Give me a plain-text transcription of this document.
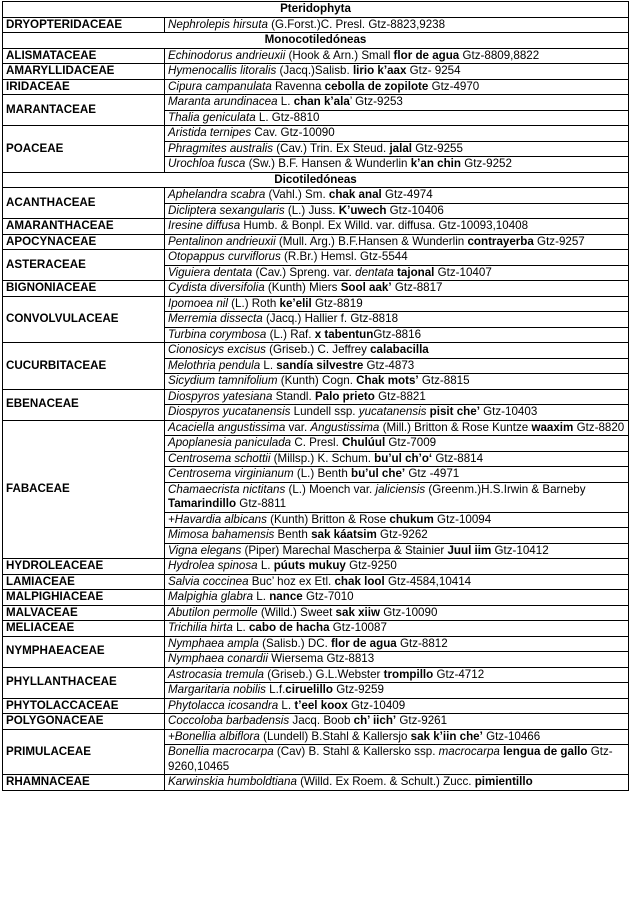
Pteridophyta	
DRYOPTERIDACEAE	Nephrolepis hirsuta (G.Forst.)C. Presl. Gtz-8823,9238
Monocotiledóneas	
ALISMATACEAE	Echinodorus andrieuxii (Hook & Arn.) Small flor de agua Gtz-8809,8822
AMARYLLIDACEAE	Hymenocallis litoralis (Jacq.)Salisb. lirio k’aax Gtz- 9254
IRIDACEAE	Cipura campanulata Ravenna cebolla de zopilote Gtz-4970
MARANTACEAE	Maranta arundinacea L. chan k’ala’ Gtz-9253
	Thalia geniculata L. Gtz-8810
POACEAE	Aristida ternipes Cav. Gtz-10090
	Phragmites australis (Cav.) Trin. Ex Steud. jalal Gtz-9255
	Urochloa fusca (Sw.) B.F. Hansen & Wunderlin k’an chin Gtz-9252
Dicotiledóneas	
ACANTHACEAE	Aphelandra scabra (Vahl.) Sm. chak anal Gtz-4974
	Dicliptera sexangularis (L.) Juss. K’uwech Gtz-10406
AMARANTHACEAE	Iresine diffusa Humb. & Bonpl. Ex Willd. var. diffusa. Gtz-10093,10408
APOCYNACEAE	Pentalinon andrieuxii (Mull. Arg.) B.F.Hansen & Wunderlin contrayerba Gtz-9257
ASTERACEAE	Otopappus curviflorus (R.Br.) Hemsl. Gtz-5544
	Viguiera dentata (Cav.) Spreng. var. dentata tajonal Gtz-10407
BIGNONIACEAE	Cydista diversifolia (Kunth) Miers Sool aak’ Gtz-8817
CONVOLVULACEAE	Ipomoea nil (L.) Roth ke’elil Gtz-8819
	Merremia dissecta (Jacq.) Hallier f. Gtz-8818
	Turbina corymbosa (L.) Raf. x tabentunGtz-8816
CUCURBITACEAE	Cionosicys excisus (Griseb.) C. Jeffrey calabacilla
	Melothria pendula L. sandía silvestre Gtz-4873
	Sicydium tamnifolium (Kunth) Cogn. Chak mots’ Gtz-8815
EBENACEAE	Diospyros yatesiana Standl. Palo prieto Gtz-8821
	Diospyros yucatanensis Lundell ssp. yucatanensis pisit che’ Gtz-10403
FABACEAE	Acaciella angustissima var. Angustissima (Mill.) Britton & Rose Kuntze waaxim Gtz-8820
	Apoplanesia paniculada C. Presl. Chulúul Gtz-7009
	Centrosema schottii (Millsp.) K. Schum. bu’ul ch’o‘ Gtz-8814
	Centrosema virginianum (L.) Benth bu’ul che’ Gtz -4971
	Chamaecrista nictitans (L.) Moench var. jaliciensis (Greenm.)H.S.Irwin & Barneby Tamarindillo Gtz-8811
	+Havardia albicans (Kunth) Britton & Rose chukum Gtz-10094
	Mimosa bahamensis Benth sak káatsim Gtz-9262
	Vigna elegans (Piper) Marechal Mascherpa & Stainier Juul iim Gtz-10412
HYDROLEACEAE	Hydrolea spinosa L. púuts mukuy Gtz-9250
LAMIACEAE	Salvia coccinea Buc’ hoz ex Etl. chak lool Gtz-4584,10414
MALPIGHIACEAE	Malpighia glabra L. nance Gtz-7010
MALVACEAE	Abutilon permolle (Willd.) Sweet sak xiiw Gtz-10090
MELIACEAE	Trichilia hirta L. cabo de hacha Gtz-10087
NYMPHAEACEAE	Nymphaea ampla (Salisb.) DC. flor de agua Gtz-8812
	Nymphaea conardii Wiersema Gtz-8813
PHYLLANTHACEAE	Astrocasia tremula (Griseb.) G.L.Webster trompillo Gtz-4712
	Margaritaria nobilis L.f.ciruelillo Gtz-9259
PHYTOLACCACEAE	Phytolacca icosandra L. t’eel koox Gtz-10409
POLYGONACEAE	Coccoloba barbadensis Jacq. Boob ch’ iich’ Gtz-9261
PRIMULACEAE	+Bonellia albiflora (Lundell) B.Stahl & Kallersjo sak k’iin che’ Gtz-10466
	Bonellia macrocarpa (Cav) B. Stahl & Kallersko ssp. macrocarpa lengua de gallo Gtz-9260,10465
RHAMNACEAE	Karwinskia humboldtiana (Willd. Ex Roem. & Schult.) Zucc. pimientillo
